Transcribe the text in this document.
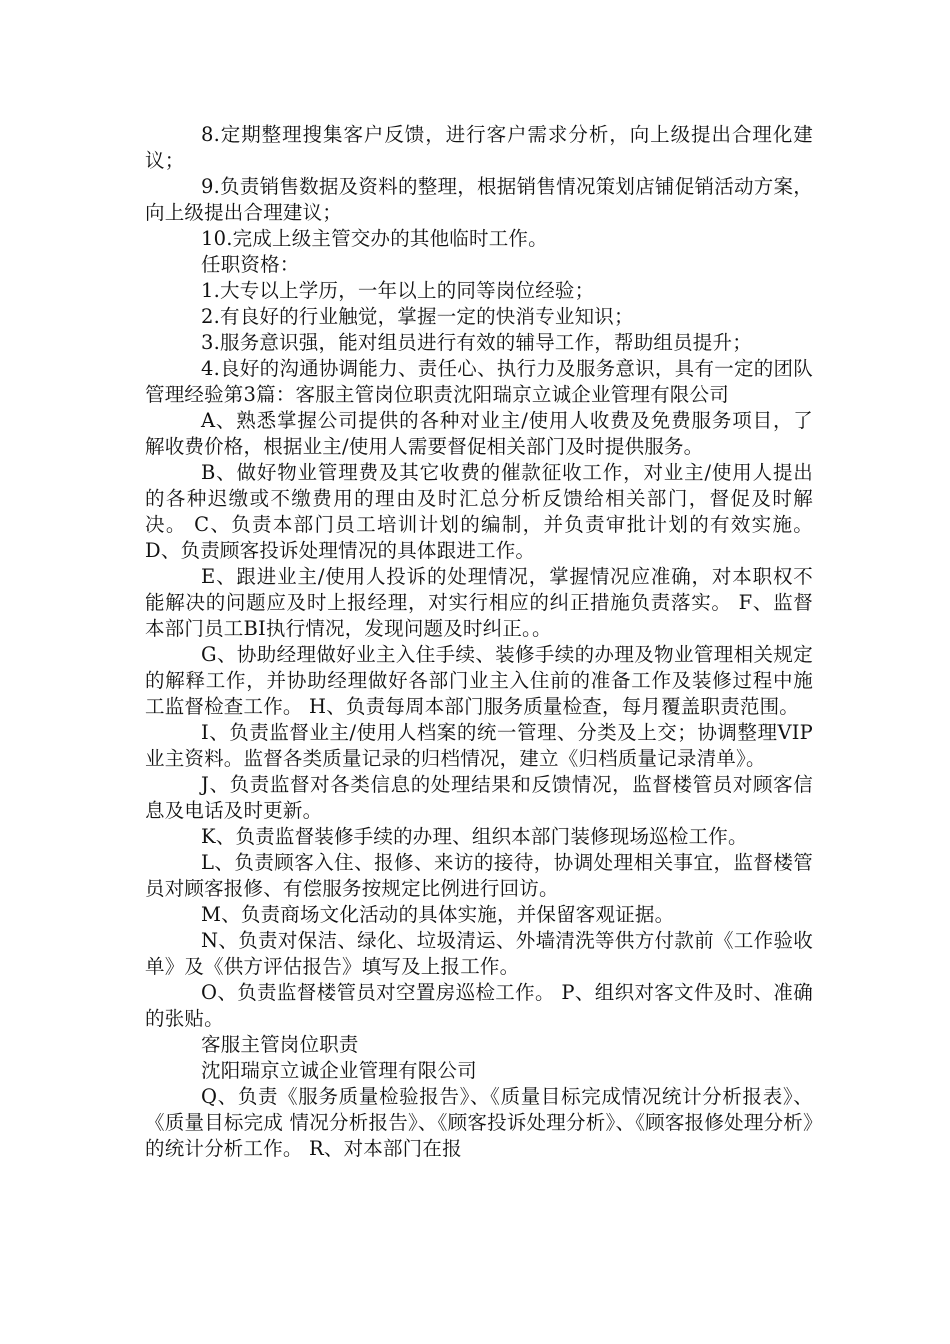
8.定期整理搜集客户反馈，进行客户需求分析，向上级提出合理化建议；

9.负责销售数据及资料的整理，根据销售情况策划店铺促销活动方案，向上级提出合理建议；

10.完成上级主管交办的其他临时工作。

任职资格：

1.大专以上学历，一年以上的同等岗位经验；

2.有良好的行业触觉，掌握一定的快消专业知识；

3.服务意识强，能对组员进行有效的辅导工作，帮助组员提升；

4.良好的沟通协调能力、责任心、执行力及服务意识，具有一定的团队管理经验第3篇：客服主管岗位职责沈阳瑞京立诚企业管理有限公司

A、熟悉掌握公司提供的各种对业主/使用人收费及免费服务项目，了解收费价格，根据业主/使用人需要督促相关部门及时提供服务。

B、做好物业管理费及其它收费的催款征收工作，对业主/使用人提出的各种迟缴或不缴费用的理由及时汇总分析反馈给相关部门，督促及时解决。 C、负责本部门员工培训计划的编制，并负责审批计划的有效实施。 D、负责顾客投诉处理情况的具体跟进工作。

E、跟进业主/使用人投诉的处理情况，掌握情况应准确，对本职权不能解决的问题应及时上报经理，对实行相应的纠正措施负责落实。 F、监督本部门员工BI执行情况，发现问题及时纠正。。

G、协助经理做好业主入住手续、装修手续的办理及物业管理相关规定的解释工作，并协助经理做好各部门业主入住前的准备工作及装修过程中施工监督检查工作。 H、负责每周本部门服务质量检查，每月覆盖职责范围。

I、负责监督业主/使用人档案的统一管理、分类及上交；协调整理VIP业主资料。监督各类质量记录的归档情况，建立《归档质量记录清单》。

J、负责监督对各类信息的处理结果和反馈情况，监督楼管员对顾客信息及电话及时更新。

K、负责监督装修手续的办理、组织本部门装修现场巡检工作。

L、负责顾客入住、报修、来访的接待，协调处理相关事宜，监督楼管员对顾客报修、有偿服务按规定比例进行回访。

M、负责商场文化活动的具体实施，并保留客观证据。

N、负责对保洁、绿化、垃圾清运、外墙清洗等供方付款前《工作验收单》及《供方评估报告》填写及上报工作。

O、负责监督楼管员对空置房巡检工作。 P、组织对客文件及时、准确的张贴。

客服主管岗位职责

沈阳瑞京立诚企业管理有限公司

Q、负责《服务质量检验报告》、《质量目标完成情况统计分析报表》、《质量目标完成 情况分析报告》、《顾客投诉处理分析》、《顾客报修处理分析》的统计分析工作。 R、对本部门在报
